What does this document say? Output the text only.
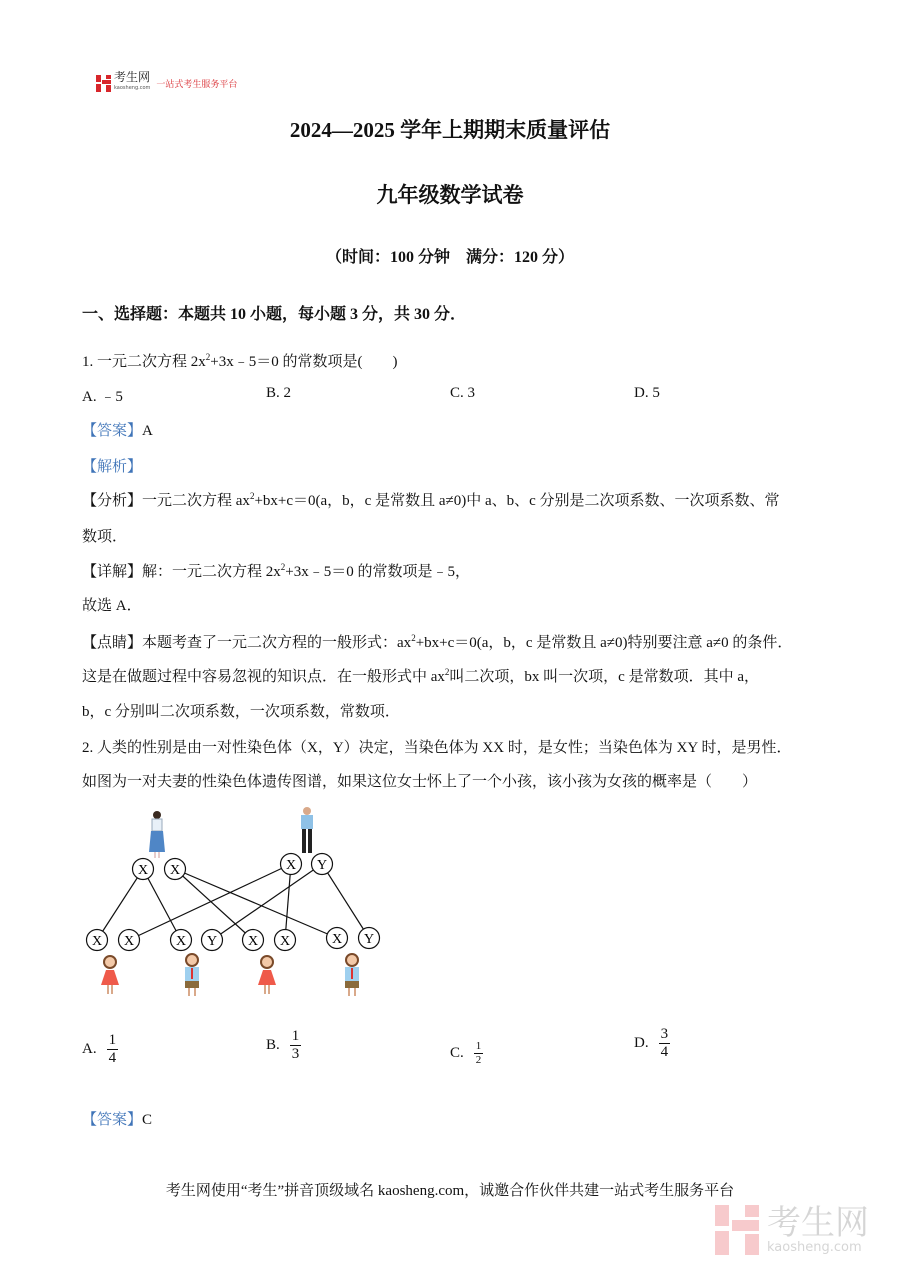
考生网
kaosheng.com 一站式考生服务平台
2024—2025 学年上期期末质量评估
九年级数学试卷
（时间：100 分钟　满分：120 分）
一、选择题：本题共 10 小题，每小题 3 分，共 30 分．
1. 一元二次方程 $2x^2+3x﹣5=0$ 的常数项是(　　)
A. ﹣5	B. 2	C. 3	D. 5
【答案】A
【解析】
【分析】一元二次方程 $ax^2+bx+c=0(a$，b，c 是常数且 a≠0)中 a、b、c 分别是二次项系数、一次项系数、常
数项．
【详解】解：一元二次方程 $2x^2+3x﹣5=0$ 的常数项是﹣5，
故选 A．
【点睛】本题考查了一元二次方程的一般形式：$ax^2+bx+c=0(a$，b，c 是常数且 a≠0)特别要注意 a≠0 的条件．
这是在做题过程中容易忽视的知识点．在一般形式中 $ax^2$叫二次项，bx 叫一次项，c 是常数项．其中 a，
b，c 分别叫二次项系数，一次项系数，常数项．
2. 人类的性别是由一对性染色体（X，Y）决定，当染色体为 XX 时，是女性；当染色体为 XY 时，是男性．
如图为一对夫妻的性染色体遗传图谱，如果这位女士怀上了一个小孩，该小孩为女孩的概率是（　　）
X X	X Y
X X	X Y X X	X Y
A. $\frac{1}{4}$	B. $\frac{1}{3}$	C. $\frac{1}{2}$	D. $\frac{3}{4}$
【答案】C
考生网使用“考生”拼音顶级域名 kaosheng.com，诚邀合作伙伴共建一站式考生服务平台
考生网
kaosheng.com
